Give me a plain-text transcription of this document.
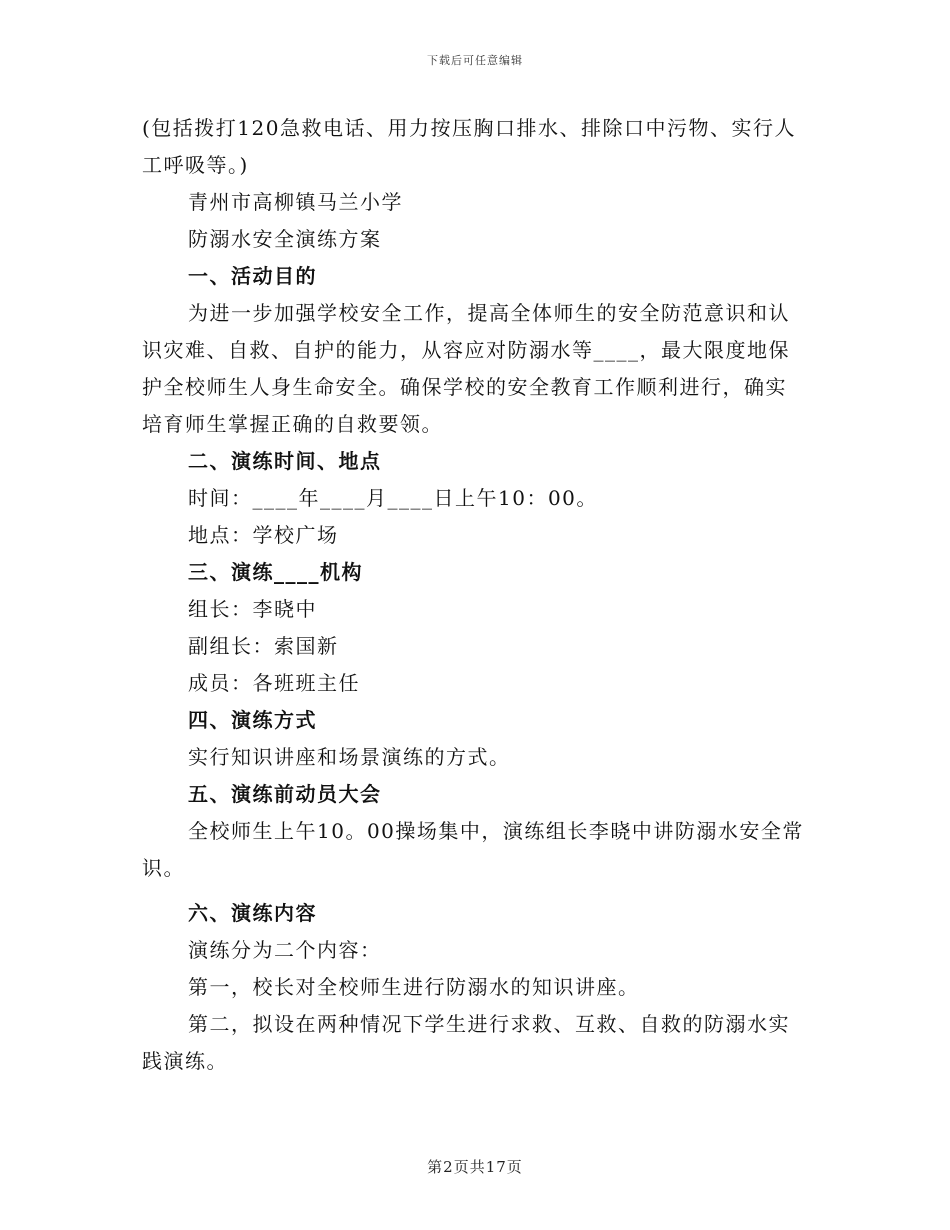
下载后可任意编辑

(包括拨打120急救电话、用力按压胸口排水、排除口中污物、实行人工呼吸等。)

青州市高柳镇马兰小学

防溺水安全演练方案

一、活动目的

为进一步加强学校安全工作，提高全体师生的安全防范意识和认识灾难、自救、自护的能力，从容应对防溺水等____，最大限度地保护全校师生人身生命安全。确保学校的安全教育工作顺利进行，确实培育师生掌握正确的自救要领。

二、演练时间、地点

时间：____年____月____日上午10：00。

地点：学校广场

三、演练____机构

组长：李晓中

副组长：索国新

成员：各班班主任

四、演练方式

实行知识讲座和场景演练的方式。

五、演练前动员大会

全校师生上午10。00操场集中，演练组长李晓中讲防溺水安全常识。

六、演练内容

演练分为二个内容：

第一，校长对全校师生进行防溺水的知识讲座。

第二，拟设在两种情况下学生进行求救、互救、自救的防溺水实践演练。

第2页共17页
